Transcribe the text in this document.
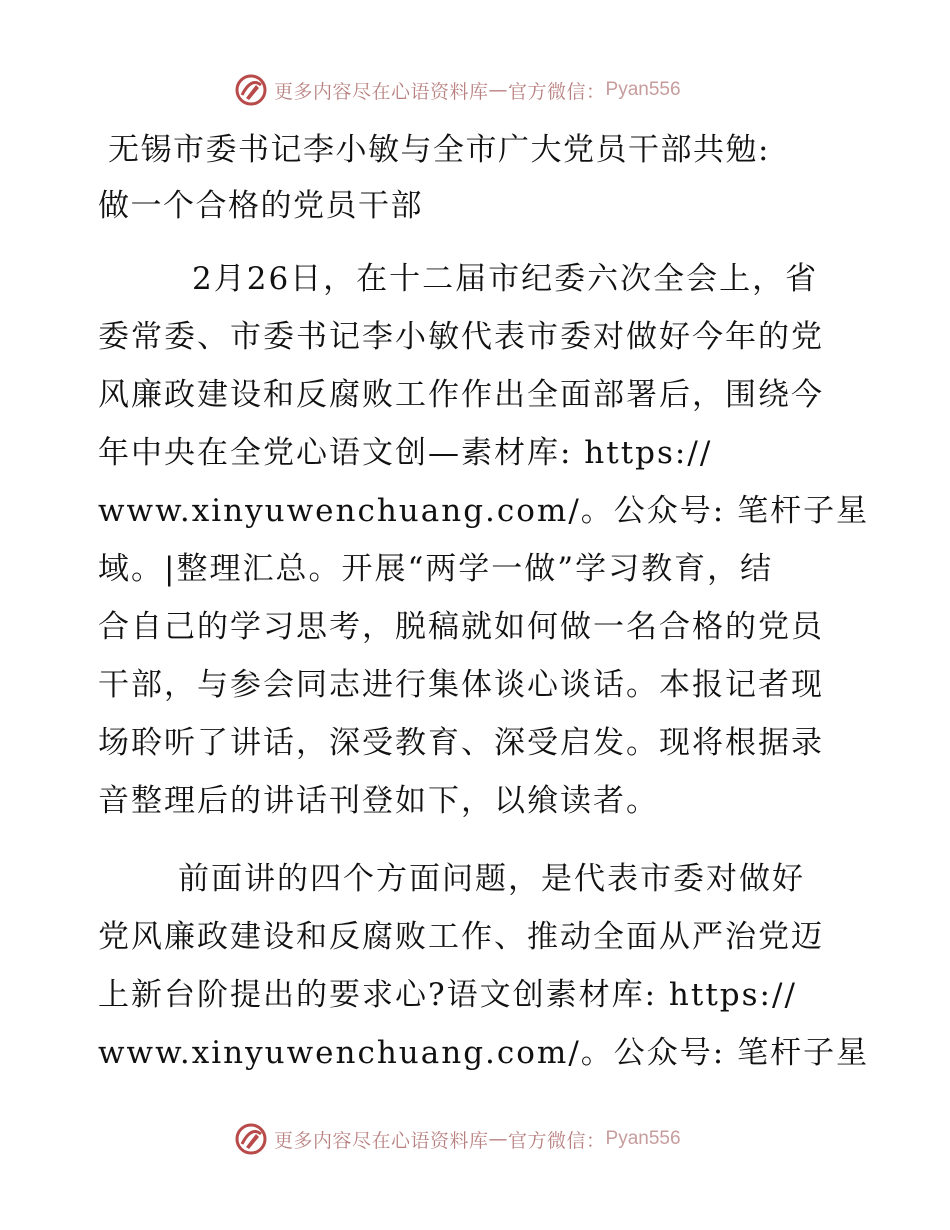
更多内容尽在心语资料库 — 官方微信： Pyan556
无锡市委书记李小敏与全市广大党员干部共勉:
做一个合格的党员干部
2月26日，在十二届市纪委六次全会上，省
委常委、市委书记李小敏代表市委对做好今年的党
风廉政建设和反腐败工作作出全面部署后，围绕今
年中央在全党心语文创—素材库: https://
www.xinyuwenchuang.com/。公众号: 笔杆子星
域。|整理汇总。开展“两学一做”学习教育，结
合自己的学习思考，脱稿就如何做一名合格的党员
干部，与参会同志进行集体谈心谈话。本报记者现
场聆听了讲话，深受教育、深受启发。现将根据录
音整理后的讲话刊登如下，以飨读者。
前面讲的四个方面问题，是代表市委对做好
党风廉政建设和反腐败工作、推动全面从严治党迈
上新台阶提出的要求心?语文创素材库: https://
www.xinyuwenchuang.com/。公众号: 笔杆子星
更多内容尽在心语资料库 — 官方微信： Pyan556
